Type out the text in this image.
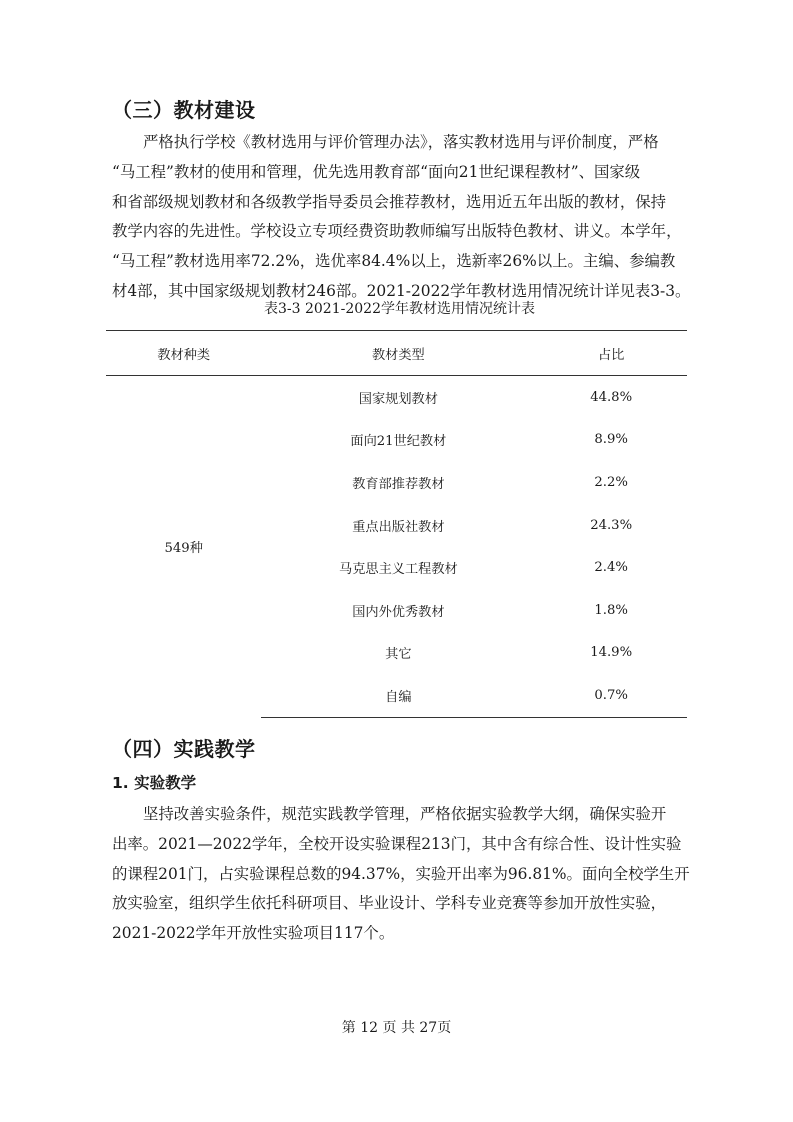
（三）教材建设

严格执行学校《教材选用与评价管理办法》，落实教材选用与评价制度，严格
“马工程”教材的使用和管理，优先选用教育部“面向21世纪课程教材”、国家级
和省部级规划教材和各级教学指导委员会推荐教材，选用近五年出版的教材，保持
教学内容的先进性。学校设立专项经费资助教师编写出版特色教材、讲义。本学年，
“马工程”教材选用率72.2%，选优率84.4%以上，选新率26%以上。主编、参编教
材4部，其中国家级规划教材246部。2021-2022学年教材选用情况统计详见表3-3。

表3-3 2021-2022学年教材选用情况统计表
教材种类	教材类型	占比
549种	国家规划教材	44.8%
	面向21世纪教材	8.9%
	教育部推荐教材	2.2%
	重点出版社教材	24.3%
	马克思主义工程教材	2.4%
	国内外优秀教材	1.8%
	其它	14.9%
	自编	0.7%
（四）实践教学
1. 实验教学

坚持改善实验条件，规范实践教学管理，严格依据实验教学大纲，确保实验开
出率。2021—2022学年，全校开设实验课程213门，其中含有综合性、设计性实验
的课程201门，占实验课程总数的94.37%，实验开出率为96.81%。面向全校学生开
放实验室，组织学生依托科研项目、毕业设计、学科专业竞赛等参加开放性实验，
2021-2022学年开放性实验项目117个。

第 12 页 共 27页
